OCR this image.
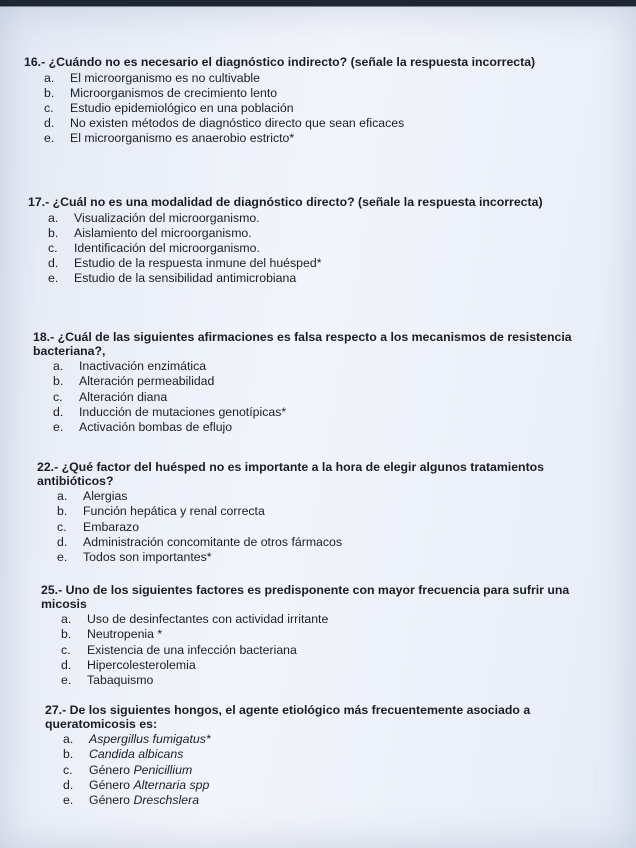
16.- ¿Cuándo no es necesario el diagnóstico indirecto? (señale la respuesta incorrecta)
a.	El microorganismo es no cultivable
b.	Microorganismos de crecimiento lento
c.	Estudio epidemiológico en una población
d.	No existen métodos de diagnóstico directo que sean eficaces
e.	El microorganismo es anaerobio estricto*
17.- ¿Cuál no es una modalidad de diagnóstico directo? (señale la respuesta incorrecta)
a.	Visualización del microorganismo.
b.	Aislamiento del microorganismo.
c.	Identificación del microorganismo.
d.	Estudio de la respuesta inmune del huésped*
e.	Estudio de la sensibilidad antimicrobiana
18.- ¿Cuál de las siguientes afirmaciones es falsa respecto a los mecanismos de resistencia bacteriana?,
a.	Inactivación enzimática
b.	Alteración permeabilidad
c.	Alteración diana
d.	Inducción de mutaciones genotípicas*
e.	Activación bombas de eflujo
22.- ¿Qué factor del huésped no es importante a la hora de elegir algunos tratamientos antibióticos?
a.	Alergias
b.	Función hepática y renal correcta
c.	Embarazo
d.	Administración concomitante de otros fármacos
e.	Todos son importantes*
25.- Uno de los siguientes factores es predisponente con mayor frecuencia para sufrir una micosis
a.	Uso de desinfectantes con actividad irritante
b.	Neutropenia *
c.	Existencia de una infección bacteriana
d.	Hipercolesterolemia
e.	Tabaquismo
27.- De los siguientes hongos, el agente etiológico más frecuentemente asociado a queratomicosis es:
a.	Aspergillus fumigatus*
b.	Candida albicans
c.	Género Penicillium
d.	Género Alternaria spp
e.	Género Dreschslera
